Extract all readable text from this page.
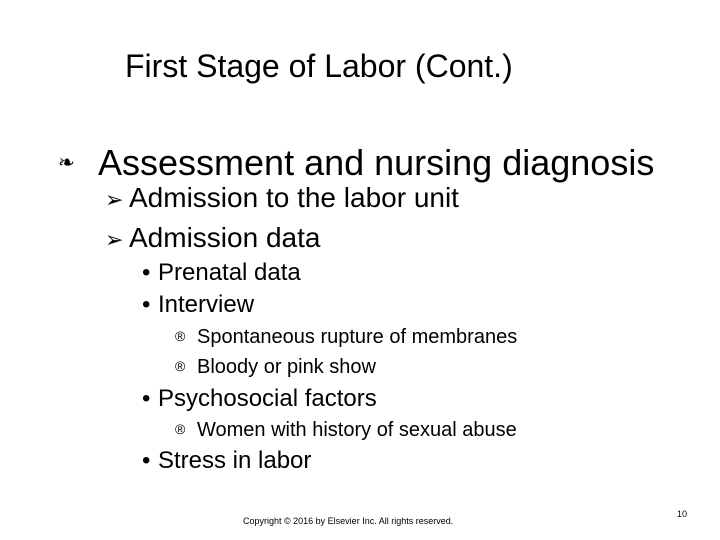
First Stage of Labor (Cont.)
❧ Assessment and nursing diagnosis
➢ Admission to the labor unit
➢ Admission data
• Prenatal data
• Interview
® Spontaneous rupture of membranes
® Bloody or pink show
• Psychosocial factors
® Women with history of sexual abuse
• Stress in labor
Copyright © 2016 by Elsevier Inc. All rights reserved.
10
